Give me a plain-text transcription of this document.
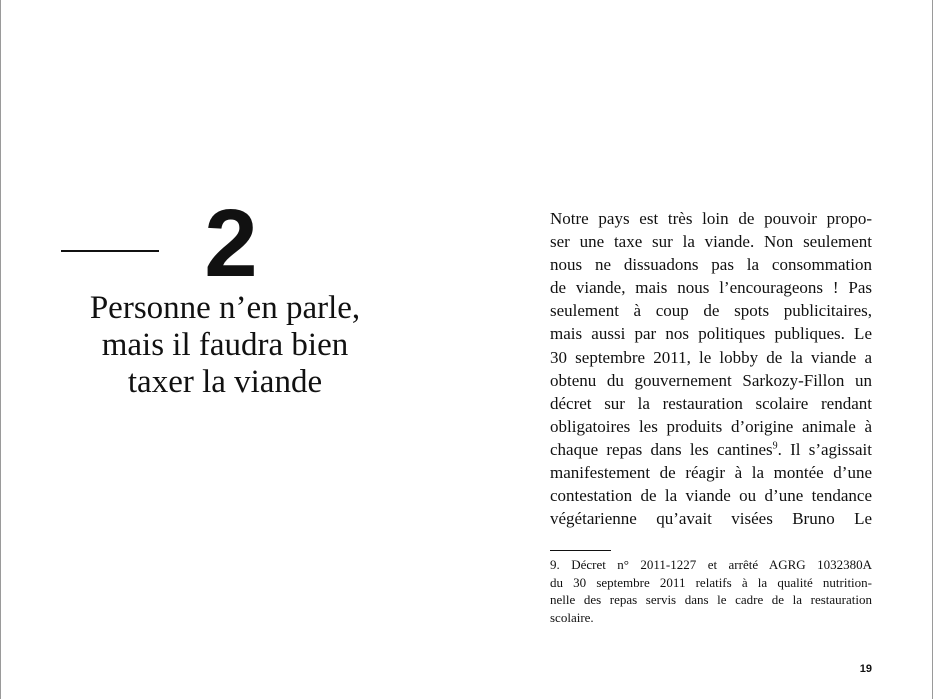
2
Personne n’en parle,
mais il faudra bien
taxer la viande
Notre pays est très loin de pouvoir propo-
ser une taxe sur la viande. Non seulement
nous ne dissuadons pas la consommation
de viande, mais nous l’encourageons ! Pas
seulement à coup de spots publicitaires,
mais aussi par nos politiques publiques. Le
30 septembre 2011, le lobby de la viande a
obtenu du gouvernement Sarkozy-Fillon un
décret sur la restauration scolaire rendant
obligatoires les produits d’origine animale à
chaque repas dans les cantines$^9$. Il s’agissait
manifestement de réagir à la montée d’une
contestation de la viande ou d’une tendance
végétarienne qu’avait visées Bruno Le
9. Décret n° 2011-1227 et arrêté AGRG 1032380A
du 30 septembre 2011 relatifs à la qualité nutrition-
nelle des repas servis dans le cadre de la restauration
scolaire.
19
